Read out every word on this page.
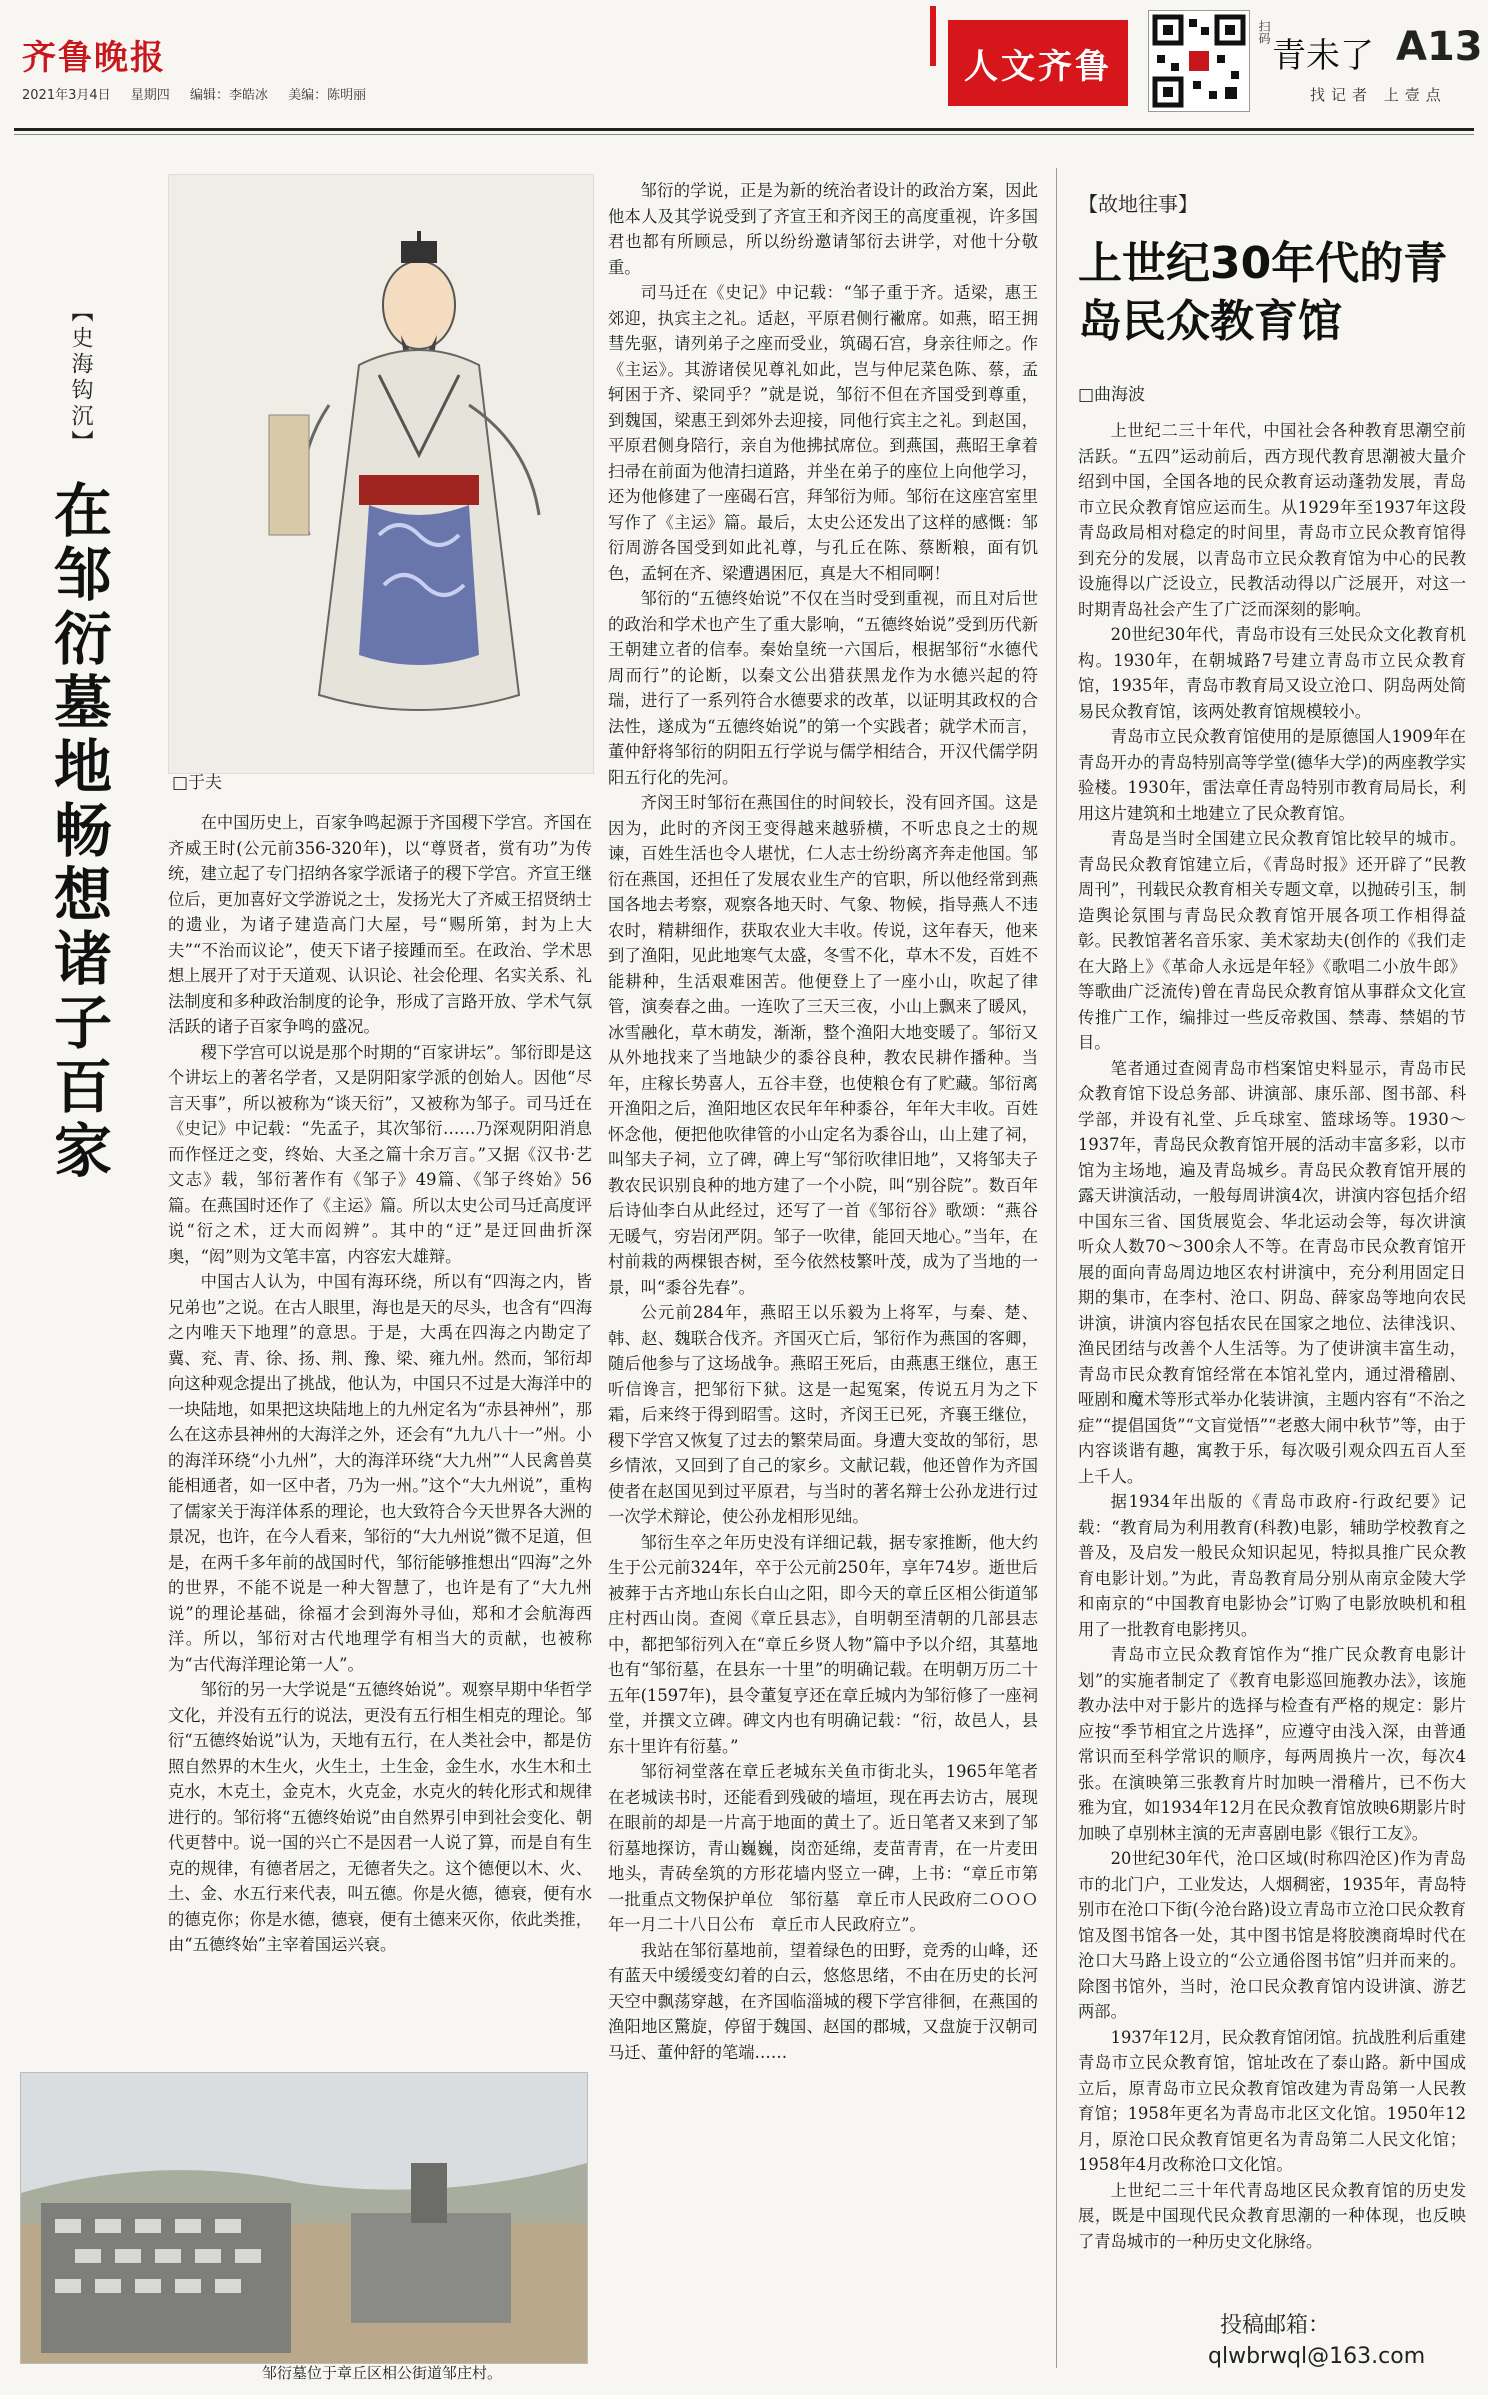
齐鲁晚报
2021年3月4日 星期四 编辑：李皓冰 美编：陈明丽
人文齐鲁
扫码
青未了 A13
找记者 上壹点
【史海钩沉】
在邹衍墓地畅想诸子百家	□于夫

在中国历史上，百家争鸣起源于齐国稷下学宫。齐国在齐威王时(公元前356-320年)，以“尊贤者，赏有功”为传统，建立起了专门招纳各家学派诸子的稷下学宫。齐宣王继位后，更加喜好文学游说之士，发扬光大了齐威王招贤纳士的遗业，为诸子建造高门大屋，号“赐所第，封为上大夫”“不治而议论”，使天下诸子接踵而至。在政治、学术思想上展开了对于天道观、认识论、社会伦理、名实关系、礼法制度和多种政治制度的论争，形成了言路开放、学术气氛活跃的诸子百家争鸣的盛况。

稷下学宫可以说是那个时期的“百家讲坛”。邹衍即是这个讲坛上的著名学者，又是阴阳家学派的创始人。因他“尽言天事”，所以被称为“谈天衍”，又被称为邹子。司马迁在《史记》中记载：“先孟子，其次邹衍……乃深观阴阳消息而作怪迂之变，终始、大圣之篇十余万言。”又据《汉书·艺文志》载，邹衍著作有《邹子》49篇、《邹子终始》56篇。在燕国时还作了《主运》篇。所以太史公司马迁高度评说“衍之术，迂大而闳辨”。其中的“迂”是迂回曲折深奥，“闳”则为文笔丰富，内容宏大雄辩。

中国古人认为，中国有海环绕，所以有“四海之内，皆兄弟也”之说。在古人眼里，海也是天的尽头，也含有“四海之内唯天下地理”的意思。于是，大禹在四海之内勘定了冀、兖、青、徐、扬、荆、豫、梁、雍九州。然而，邹衍却向这种观念提出了挑战，他认为，中国只不过是大海洋中的一块陆地，如果把这块陆地上的九州定名为“赤县神州”，那么在这赤县神州的大海洋之外，还会有“九九八十一”州。小的海洋环绕“小九州”，大的海洋环绕“大九州”“人民禽兽莫能相通者，如一区中者，乃为一州。”这个“大九州说”，重构了儒家关于海洋体系的理论，也大致符合今天世界各大洲的景况，也许，在今人看来，邹衍的“大九州说”微不足道，但是，在两千多年前的战国时代，邹衍能够推想出“四海”之外的世界，不能不说是一种大智慧了，也许是有了“大九州说”的理论基础，徐福才会到海外寻仙，郑和才会航海西洋。所以，邹衍对古代地理学有相当大的贡献，也被称为“古代海洋理论第一人”。

邹衍的另一大学说是“五德终始说”。观察早期中华哲学文化，并没有五行的说法，更没有五行相生相克的理论。邹衍“五德终始说”认为，天地有五行，在人类社会中，都是仿照自然界的木生火，火生土，土生金，金生水，水生木和土克水，木克土，金克木，火克金，水克火的转化形式和规律进行的。邹衍将“五德终始说”由自然界引申到社会变化、朝代更替中。说一国的兴亡不是因君一人说了算，而是自有生克的规律，有德者居之，无德者失之。这个德便以木、火、土、金、水五行来代表，叫五德。你是火德，德衰，便有水的德克你；你是水德，德衰，便有土德来灭你，依此类推，由“五德终始”主宰着国运兴衰。

邹衍的学说，正是为新的统治者设计的政治方案，因此他本人及其学说受到了齐宣王和齐闵王的高度重视，许多国君也都有所顾忌，所以纷纷邀请邹衍去讲学，对他十分敬重。

司马迁在《史记》中记载：“邹子重于齐。适梁，惠王郊迎，执宾主之礼。适赵，平原君侧行襒席。如燕，昭王拥彗先驱，请列弟子之座而受业，筑碣石宫，身亲往师之。作《主运》。其游诸侯见尊礼如此，岂与仲尼菜色陈、蔡，孟轲困于齐、梁同乎？”就是说，邹衍不但在齐国受到尊重，到魏国，梁惠王到郊外去迎接，同他行宾主之礼。到赵国，平原君侧身陪行，亲自为他拂拭席位。到燕国，燕昭王拿着扫帚在前面为他清扫道路，并坐在弟子的座位上向他学习，还为他修建了一座碣石宫，拜邹衍为师。邹衍在这座宫室里写作了《主运》篇。最后，太史公还发出了这样的感慨：邹衍周游各国受到如此礼尊，与孔丘在陈、蔡断粮，面有饥色，孟轲在齐、梁遭遇困厄，真是大不相同啊！

邹衍的“五德终始说”不仅在当时受到重视，而且对后世的政治和学术也产生了重大影响，“五德终始说”受到历代新王朝建立者的信奉。秦始皇统一六国后，根据邹衍“水德代周而行”的论断，以秦文公出猎获黑龙作为水德兴起的符瑞，进行了一系列符合水德要求的改革，以证明其政权的合法性，遂成为“五德终始说”的第一个实践者；就学术而言，董仲舒将邹衍的阴阳五行学说与儒学相结合，开汉代儒学阴阳五行化的先河。

齐闵王时邹衍在燕国住的时间较长，没有回齐国。这是因为，此时的齐闵王变得越来越骄横，不听忠良之士的规谏，百姓生活也令人堪忧，仁人志士纷纷离齐奔走他国。邹衍在燕国，还担任了发展农业生产的官职，所以他经常到燕国各地去考察，观察各地天时、气象、物候，指导燕人不违农时，精耕细作，获取农业大丰收。传说，这年春天，他来到了渔阳，见此地寒气太盛，冬雪不化，草木不发，百姓不能耕种，生活艰难困苦。他便登上了一座小山，吹起了律管，演奏春之曲。一连吹了三天三夜，小山上飘来了暖风，冰雪融化，草木萌发，渐渐，整个渔阳大地变暖了。邹衍又从外地找来了当地缺少的黍谷良种，教农民耕作播种。当年，庄稼长势喜人，五谷丰登，也使粮仓有了贮藏。邹衍离开渔阳之后，渔阳地区农民年年种黍谷，年年大丰收。百姓怀念他，便把他吹律管的小山定名为黍谷山，山上建了祠，叫邹夫子祠，立了碑，碑上写“邹衍吹律旧地”，又将邹夫子教农民识别良种的地方建了一个小院，叫“别谷院”。数百年后诗仙李白从此经过，还写了一首《邹衍谷》歌颂：“燕谷无暖气，穷岩闭严阴。邹子一吹律，能回天地心。”当年，在村前栽的两棵银杏树，至今依然枝繁叶茂，成为了当地的一景，叫“黍谷先春”。

公元前284年，燕昭王以乐毅为上将军，与秦、楚、韩、赵、魏联合伐齐。齐国灭亡后，邹衍作为燕国的客卿，随后他参与了这场战争。燕昭王死后，由燕惠王继位，惠王听信谗言，把邹衍下狱。这是一起冤案，传说五月为之下霜，后来终于得到昭雪。这时，齐闵王已死，齐襄王继位，稷下学宫又恢复了过去的繁荣局面。身遭大变故的邹衍，思乡情浓，又回到了自己的家乡。文献记载，他还曾作为齐国使者在赵国见到过平原君，与当时的著名辩士公孙龙进行过一次学术辩论，使公孙龙相形见绌。

邹衍生卒之年历史没有详细记载，据专家推断，他大约生于公元前324年，卒于公元前250年，享年74岁。逝世后被葬于古齐地山东长白山之阳，即今天的章丘区相公街道邹庄村西山岗。查阅《章丘县志》，自明朝至清朝的几部县志中，都把邹衍列入在“章丘乡贤人物”篇中予以介绍，其墓地也有“邹衍墓，在县东一十里”的明确记载。在明朝万历二十五年(1597年)，县令董复亨还在章丘城内为邹衍修了一座祠堂，并撰文立碑。碑文内也有明确记载：“衍，故邑人，县东十里许有衍墓。”

邹衍祠堂落在章丘老城东关鱼市街北头，1965年笔者在老城读书时，还能看到残破的墙垣，现在再去访古，展现在眼前的却是一片高于地面的黄土了。近日笔者又来到了邹衍墓地探访，青山巍巍，岗峦延绵，麦苗青青，在一片麦田地头，青砖垒筑的方形花墙内竖立一碑，上书：“章丘市第一批重点文物保护单位　邹衍墓　章丘市人民政府二ＯＯＯ年一月二十八日公布　章丘市人民政府立”。

我站在邹衍墓地前，望着绿色的田野，竞秀的山峰，还有蓝天中缓缓变幻着的白云，悠悠思绪，不由在历史的长河天空中飘荡穿越，在齐国临淄城的稷下学宫徘徊，在燕国的渔阳地区驚旋，停留于魏国、赵国的郡城，又盘旋于汉朝司马迁、董仲舒的笔端……

邹衍墓位于章丘区相公街道邹庄村。
【故地往事】
上世纪30年代的青岛民众教育馆
□曲海波

上世纪二三十年代，中国社会各种教育思潮空前活跃。“五四”运动前后，西方现代教育思潮被大量介绍到中国，全国各地的民众教育运动蓬勃发展，青岛市立民众教育馆应运而生。从1929年至1937年这段青岛政局相对稳定的时间里，青岛市立民众教育馆得到充分的发展，以青岛市立民众教育馆为中心的民教设施得以广泛设立，民教活动得以广泛展开，对这一时期青岛社会产生了广泛而深刻的影响。

20世纪30年代，青岛市设有三处民众文化教育机构。1930年，在朝城路7号建立青岛市立民众教育馆，1935年，青岛市教育局又设立沧口、阴岛两处简易民众教育馆，该两处教育馆规模较小。

青岛市立民众教育馆使用的是原德国人1909年在青岛开办的青岛特别高等学堂(德华大学)的两座教学实验楼。1930年，雷法章任青岛特别市教育局局长，利用这片建筑和土地建立了民众教育馆。

青岛是当时全国建立民众教育馆比较早的城市。青岛民众教育馆建立后，《青岛时报》还开辟了“民教周刊”，刊载民众教育相关专题文章，以抛砖引玉，制造舆论氛围与青岛民众教育馆开展各项工作相得益彰。民教馆著名音乐家、美术家劫夫(创作的《我们走在大路上》《革命人永远是年轻》《歌唱二小放牛郎》等歌曲广泛流传)曾在青岛民众教育馆从事群众文化宣传推广工作，编排过一些反帝救国、禁毒、禁娼的节目。

笔者通过查阅青岛市档案馆史料显示，青岛市民众教育馆下设总务部、讲演部、康乐部、图书部、科学部，并设有礼堂、乒乓球室、篮球场等。1930～1937年，青岛民众教育馆开展的活动丰富多彩，以市馆为主场地，遍及青岛城乡。青岛民众教育馆开展的露天讲演活动，一般每周讲演4次，讲演内容包括介绍中国东三省、国货展览会、华北运动会等，每次讲演听众人数70～300余人不等。在青岛市民众教育馆开展的面向青岛周边地区农村讲演中，充分利用固定日期的集市，在李村、沧口、阴岛、薛家岛等地向农民讲演，讲演内容包括农民在国家之地位、法律浅识、渔民团结与改善个人生活等。为了使讲演丰富生动，青岛市民众教育馆经常在本馆礼堂内，通过滑稽剧、哑剧和魔术等形式举办化装讲演，主题内容有“不治之症”“提倡国货”“文盲觉悟”“老憨大闹中秋节”等，由于内容谈谐有趣，寓教于乐，每次吸引观众四五百人至上千人。

据1934年出版的《青岛市政府-行政纪要》记载：“教育局为利用教育(科教)电影，辅助学校教育之普及，及启发一般民众知识起见，特拟具推广民众教育电影计划。”为此，青岛教育局分别从南京金陵大学和南京的“中国教育电影协会”订购了电影放映机和租用了一批教育电影拷贝。

青岛市立民众教育馆作为“推广民众教育电影计划”的实施者制定了《教育电影巡回施教办法》，该施教办法中对于影片的选择与检查有严格的规定：影片应按“季节相宜之片选择”，应遵守由浅入深，由普通常识而至科学常识的顺序，每两周换片一次，每次4张。在演映第三张教育片时加映一滑稽片，已不伤大雅为宜，如1934年12月在民众教育馆放映6期影片时加映了卓别林主演的无声喜剧电影《银行工友》。

20世纪30年代，沧口区域(时称四沧区)作为青岛市的北门户，工业发达，人烟稠密，1935年，青岛特别市在沧口下街(今沧台路)设立青岛市立沧口民众教育馆及图书馆各一处，其中图书馆是将胶澳商埠时代在沧口大马路上设立的“公立通俗图书馆”归并而来的。除图书馆外，当时，沧口民众教育馆内设讲演、游艺两部。

1937年12月，民众教育馆闭馆。抗战胜利后重建青岛市立民众教育馆，馆址改在了泰山路。新中国成立后，原青岛市立民众教育馆改建为青岛第一人民教育馆；1958年更名为青岛市北区文化馆。1950年12月，原沧口民众教育馆更名为青岛第二人民文化馆；1958年4月改称沧口文化馆。

上世纪二三十年代青岛地区民众教育馆的历史发展，既是中国现代民众教育思潮的一种体现，也反映了青岛城市的一种历史文化脉络。

投稿邮箱：
qlwbrwql@163.com
